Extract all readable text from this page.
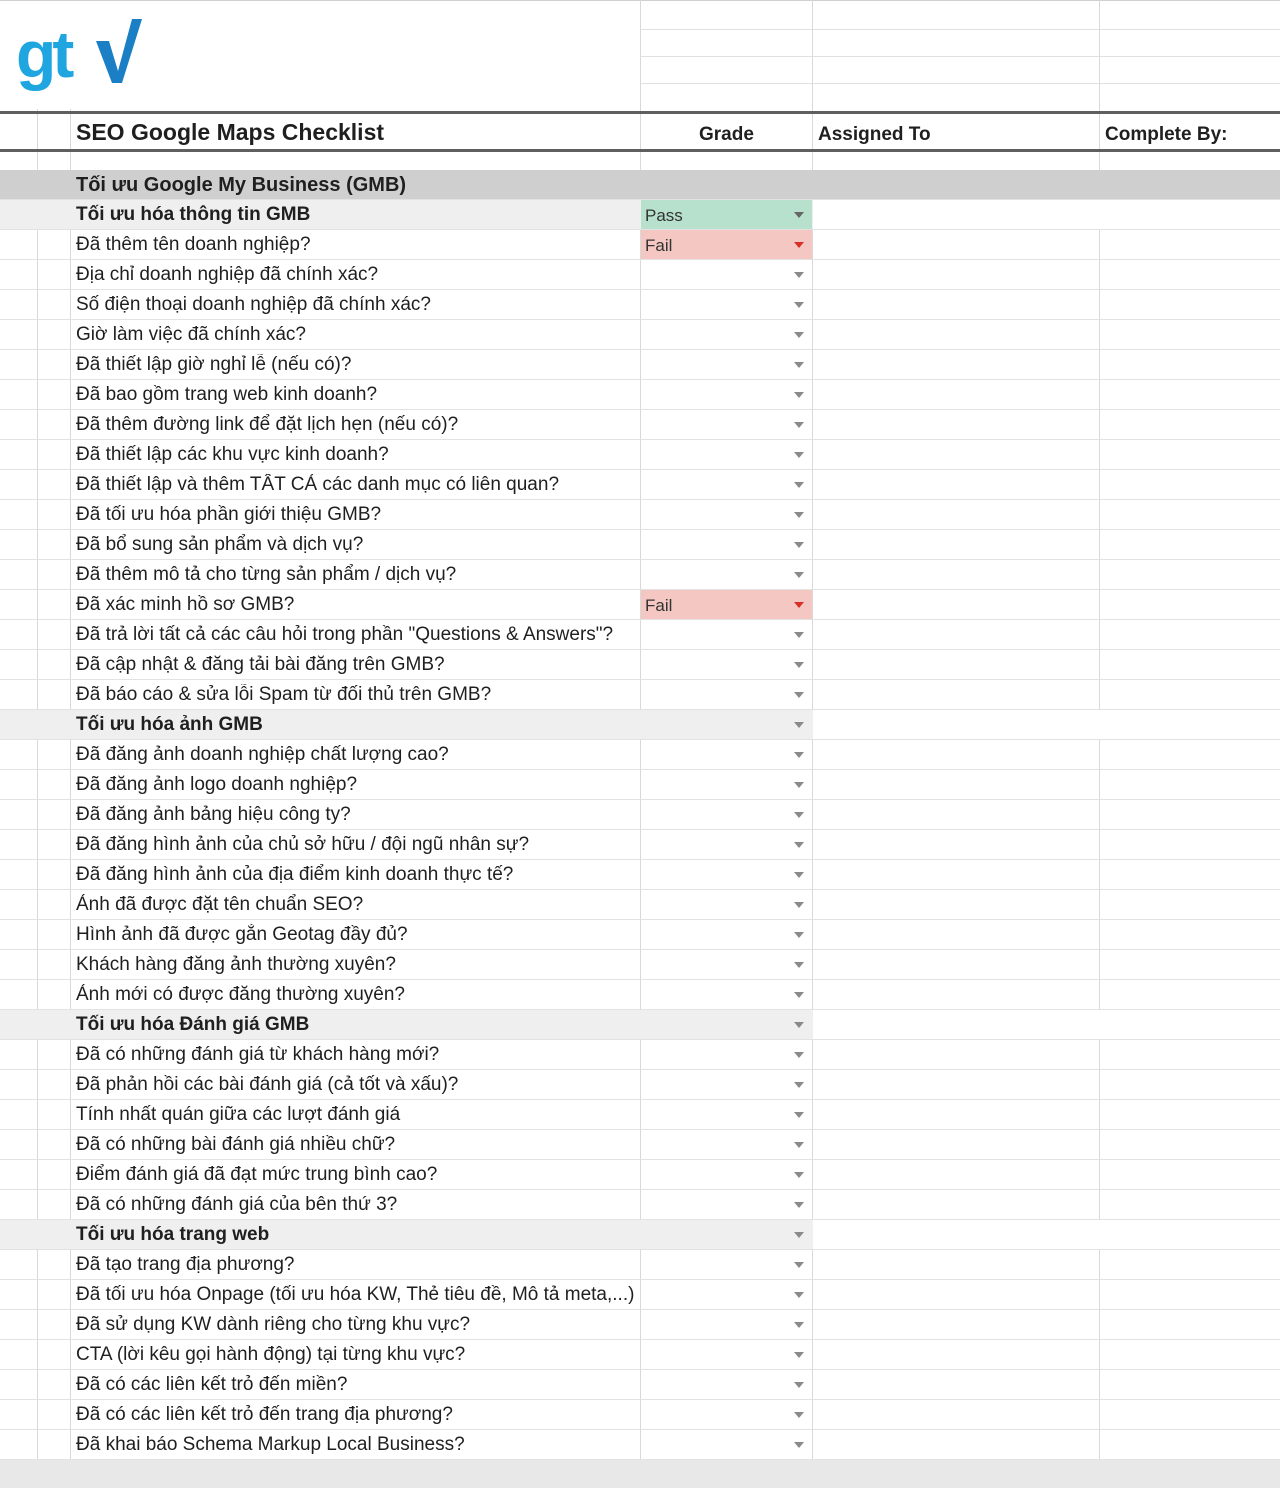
gt
SEO Google Maps Checklist	Grade	Assigned To	Complete By:
Tối ưu Google My Business (GMB)
Tối ưu hóa thông tin GMB	Pass
Đã thêm tên doanh nghiệp?	Fail
Địa chỉ doanh nghiệp đã chính xác?
Số điện thoại doanh nghiệp đã chính xác?
Giờ làm việc đã chính xác?
Đã thiết lập giờ nghỉ lễ (nếu có)?
Đã bao gồm trang web kinh doanh?
Đã thêm đường link để đặt lịch hẹn (nếu có)?
Đã thiết lập các khu vực kinh doanh?
Đã thiết lập và thêm TẤT CẢ các danh mục có liên quan?
Đã tối ưu hóa phần giới thiệu GMB?
Đã bổ sung sản phẩm và dịch vụ?
Đã thêm mô tả cho từng sản phẩm / dịch vụ?
Đã xác minh hồ sơ GMB?	Fail
Đã trả lời tất cả các câu hỏi trong phần "Questions & Answers"?
Đã cập nhật & đăng tải bài đăng trên GMB?
Đã báo cáo & sửa lỗi Spam từ đối thủ trên GMB?
Tối ưu hóa ảnh GMB
Đã đăng ảnh doanh nghiệp chất lượng cao?
Đã đăng ảnh logo doanh nghiệp?
Đã đăng ảnh bảng hiệu công ty?
Đã đăng hình ảnh của chủ sở hữu / đội ngũ nhân sự?
Đã đăng hình ảnh của địa điểm kinh doanh thực tế?
Ảnh đã được đặt tên chuẩn SEO?
Hình ảnh đã được gắn Geotag đầy đủ?
Khách hàng đăng ảnh thường xuyên?
Ảnh mới có được đăng thường xuyên?
Tối ưu hóa Đánh giá GMB
Đã có những đánh giá từ khách hàng mới?
Đã phản hồi các bài đánh giá (cả tốt và xấu)?
Tính nhất quán giữa các lượt đánh giá
Đã có những bài đánh giá nhiều chữ?
Điểm đánh giá đã đạt mức trung bình cao?
Đã có những đánh giá của bên thứ 3?
Tối ưu hóa trang web
Đã tạo trang địa phương?
Đã tối ưu hóa Onpage (tối ưu hóa KW, Thẻ tiêu đề, Mô tả meta,...)
Đã sử dụng KW dành riêng cho từng khu vực?
CTA (lời kêu gọi hành động) tại từng khu vực?
Đã có các liên kết trỏ đến miền?
Đã có các liên kết trỏ đến trang địa phương?
Đã khai báo Schema Markup Local Business?
